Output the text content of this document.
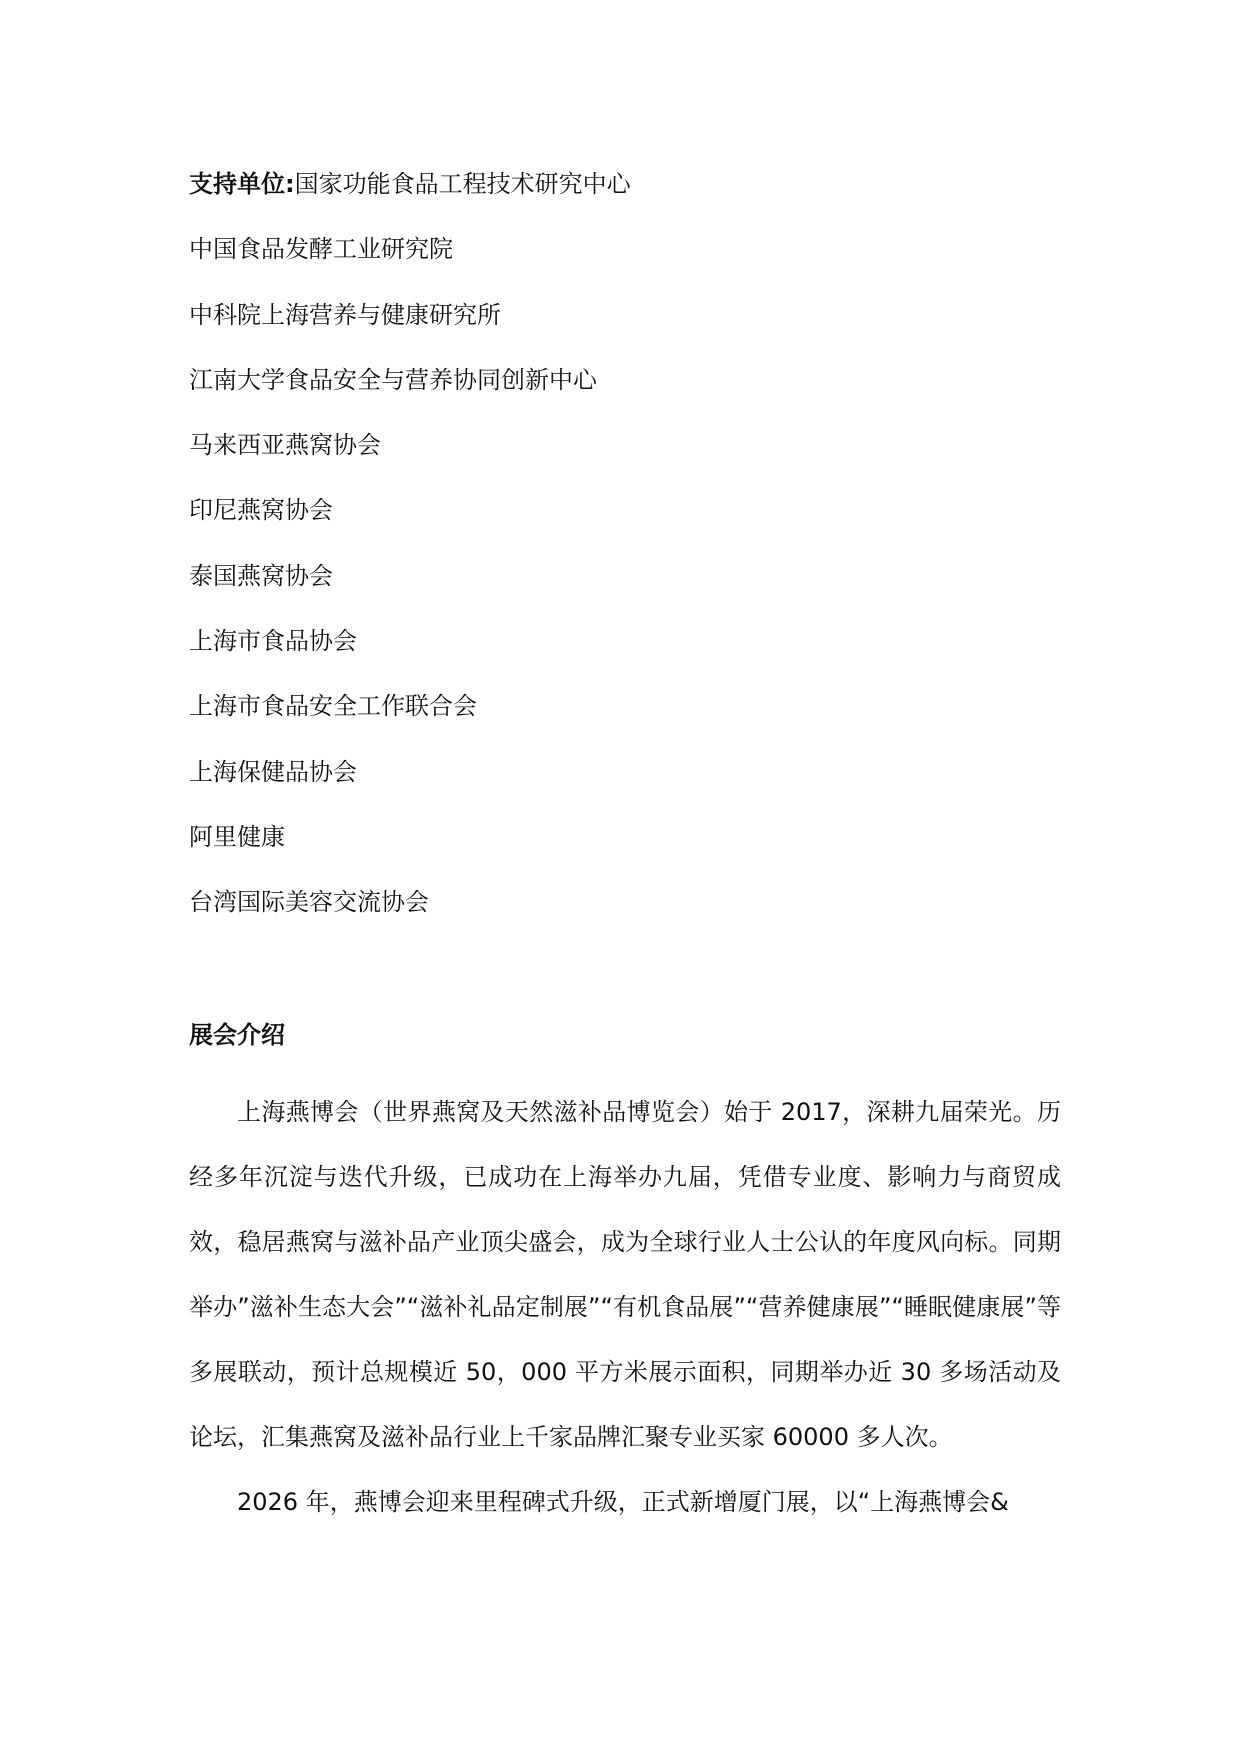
支持单位:国家功能食品工程技术研究中心
中国食品发酵工业研究院
中科院上海营养与健康研究所
江南大学食品安全与营养协同创新中心
马来西亚燕窝协会
印尼燕窝协会
泰国燕窝协会
上海市食品协会
上海市食品安全工作联合会
上海保健品协会
阿里健康
台湾国际美容交流协会
展会介绍

上海燕博会（世界燕窝及天然滋补品博览会）始于 2017，深耕九届荣光。历经多年沉淀与迭代升级，已成功在上海举办九届，凭借专业度、影响力与商贸成效，稳居燕窝与滋补品产业顶尖盛会，成为全球行业人士公认的年度风向标。同期举办”滋补生态大会”“滋补礼品定制展”“有机食品展”“营养健康展”“睡眠健康展”等多展联动，预计总规模近 50，000 平方米展示面积，同期举办近 30 多场活动及论坛，汇集燕窝及滋补品行业上千家品牌汇聚专业买家 60000 多人次。

2026 年，燕博会迎来里程碑式升级，正式新增厦门展，以“上海燕博会&
